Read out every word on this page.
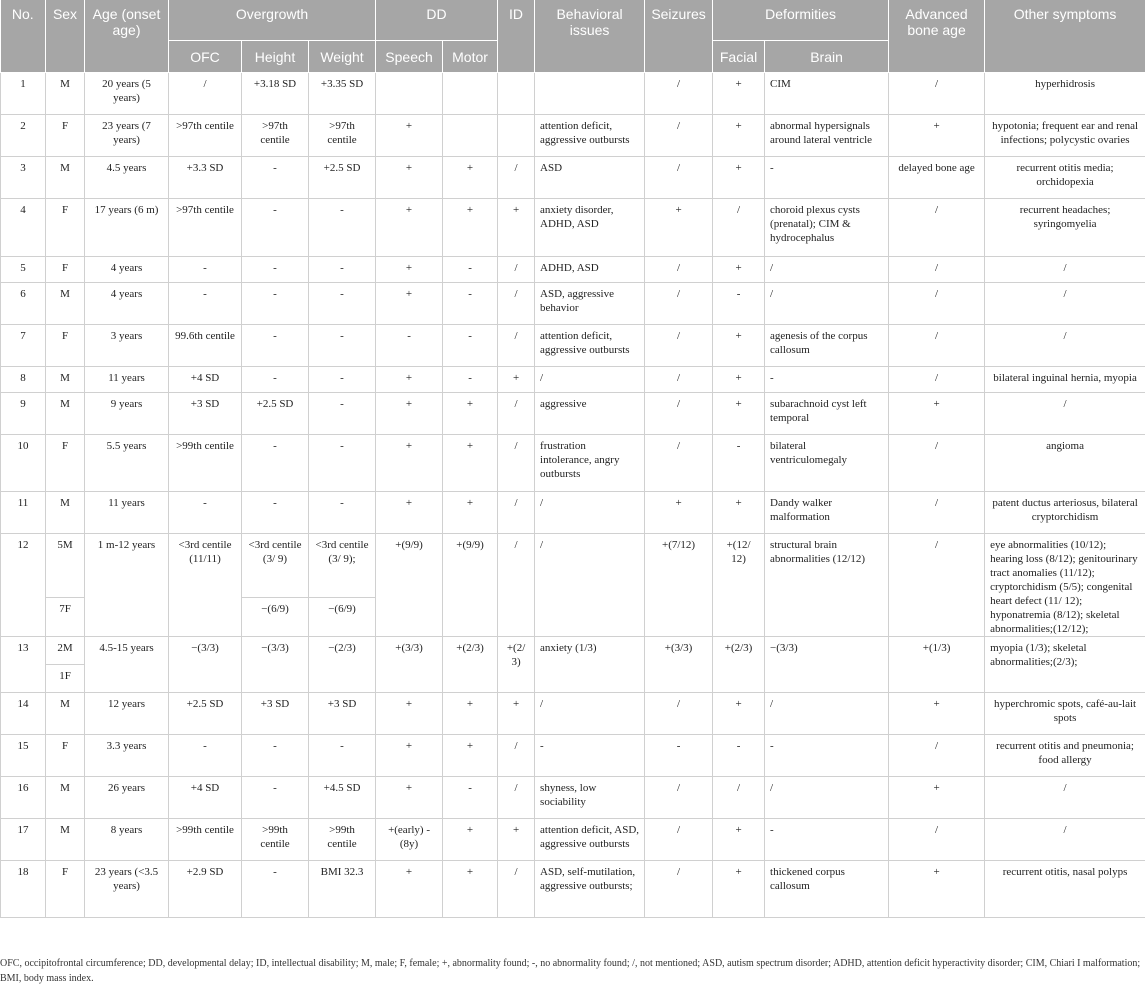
No.	Sex	Age (onset age)	Overgrowth			DD		ID	Behavioral issues	Seizures	Deformities		Advanced bone age	Other symptoms
			OFC	Height	Weight	Speech	Motor				Facial	Brain		
1	M	20 years (5 years)	/	+3.18 SD	+3.35 SD					/	+	CIM	/	hyperhidrosis
2	F	23 years (7 years)	>97th centile	>97th centile	>97th centile	+			attention deficit, aggressive outbursts	/	+	abnormal hypersignals around lateral ventricle	+	hypotonia; frequent ear and renal infections; polycystic ovaries
3	M	4.5 years	+3.3 SD	-	+2.5 SD	+	+	/	ASD	/	+	-	delayed bone age	recurrent otitis media; orchidopexia
4	F	17 years (6 m)	>97th centile	-	-	+	+	+	anxiety disorder, ADHD, ASD	+	/	choroid plexus cysts (prenatal); CIM & hydrocephalus	/	recurrent headaches; syringomyelia
5	F	4 years	-	-	-	+	-	/	ADHD, ASD	/	+	/	/	/
6	M	4 years	-	-	-	+	-	/	ASD, aggressive behavior	/	-	/	/	/
7	F	3 years	99.6th centile	-	-	-	-	/	attention deficit, aggressive outbursts	/	+	agenesis of the corpus callosum	/	/
8	M	11 years	+4 SD	-	-	+	-	+	/	/	+	-	/	bilateral inguinal hernia, myopia
9	M	9 years	+3 SD	+2.5 SD	-	+	+	/	aggressive	/	+	subarachnoid cyst left temporal	+	/
10	F	5.5 years	>99th centile	-	-	+	+	/	frustration intolerance, angry outbursts	/	-	bilateral ventriculomegaly	/	angioma
11	M	11 years	-	-	-	+	+	/	/	+	+	Dandy walker malformation	/	patent ductus arteriosus, bilateral cryptorchidism
12	5M	1 m-12 years	<3rd centile (11/11)	<3rd centile (3/ 9)	<3rd centile (3/ 9);	+(9/9)	+(9/9)	/	/	+(7/12)	+(12/ 12)	structural brain abnormalities (12/12)	/	eye abnormalities (10/12); hearing loss (8/12); genitourinary tract anomalies (11/12); cryptorchidism (5/5); congenital heart defect (11/ 12); hyponatremia (8/12); skeletal abnormalities;(12/12);
	7F			−(6/9)	−(6/9)									
13	2M	4.5-15 years	−(3/3)	−(3/3)	−(2/3)	+(3/3)	+(2/3)	+(2/ 3)	anxiety (1/3)	+(3/3)	+(2/3)	−(3/3)	+(1/3)	myopia (1/3); skeletal abnormalities;(2/3);
	1F													
14	M	12 years	+2.5 SD	+3 SD	+3 SD	+	+	+	/	/	+	/	+	hyperchromic spots, café-au-lait spots
15	F	3.3 years	-	-	-	+	+	/	-	-	-	-	/	recurrent otitis and pneumonia; food allergy
16	M	26 years	+4 SD	-	+4.5 SD	+	-	/	shyness, low sociability	/	/	/	+	/
17	M	8 years	>99th centile	>99th centile	>99th centile	+(early) -(8y)	+	+	attention deficit, ASD, aggressive outbursts	/	+	-	/	/
18	F	23 years (<3.5 years)	+2.9 SD	-	BMI 32.3	+	+	/	ASD, self-mutilation, aggressive outbursts;	/	+	thickened corpus callosum	+	recurrent otitis, nasal polyps
OFC, occipitofrontal circumference; DD, developmental delay; ID, intellectual disability; M, male; F, female; +, abnormality found; -, no abnormality found; /, not mentioned; ASD, autism spectrum disorder; ADHD, attention deficit hyperactivity disorder; CIM, Chiari I malformation; BMI, body mass index.
